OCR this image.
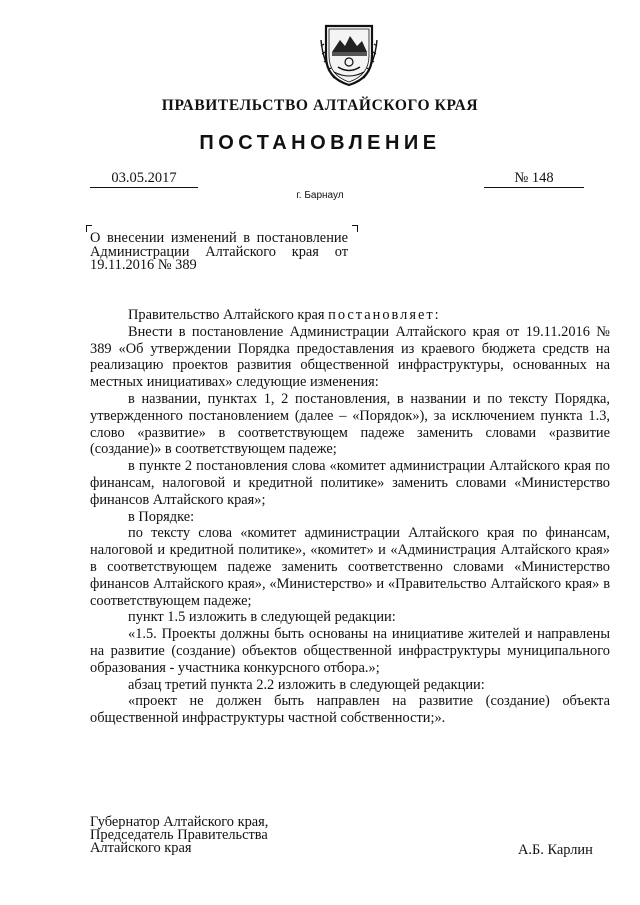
ПРАВИТЕЛЬСТВО АЛТАЙСКОГО КРАЯ
ПОСТАНОВЛЕНИЕ
03.05.2017	№ 148
г. Барнаул
О внесении изменений в постановление Администрации Алтайского края от 19.11.2016 № 389

Правительство Алтайского края постановляет:

Внести в постановление Администрации Алтайского края от 19.11.2016 № 389 «Об утверждении Порядка предоставления из краевого бюджета средств на реализацию проектов развития общественной инфраструктуры, основанных на местных инициативах» следующие изменения:

в названии, пунктах 1, 2 постановления, в названии и по тексту Порядка, утвержденного постановлением (далее – «Порядок»), за исключением пункта 1.3, слово «развитие» в соответствующем падеже заменить словами «развитие (создание)» в соответствующем падеже;

в пункте 2 постановления слова «комитет администрации Алтайского края по финансам, налоговой и кредитной политике» заменить словами «Министерство финансов Алтайского края»;

в Порядке:

по тексту слова «комитет администрации Алтайского края по финансам, налоговой и кредитной политике», «комитет» и «Администрация Алтайского края» в соответствующем падеже заменить соответственно словами «Министерство финансов Алтайского края», «Министерство» и «Правительство Алтайского края» в соответствующем падеже;

пункт 1.5 изложить в следующей редакции:

«1.5. Проекты должны быть основаны на инициативе жителей и направлены на развитие (создание) объектов общественной инфраструктуры муниципального образования - участника конкурсного отбора.»;

абзац третий пункта 2.2 изложить в следующей редакции:

«проект не должен быть направлен на развитие (создание) объекта общественной инфраструктуры частной собственности;».

Губернатор Алтайского края,
Председатель Правительства
Алтайского края	А.Б. Карлин
